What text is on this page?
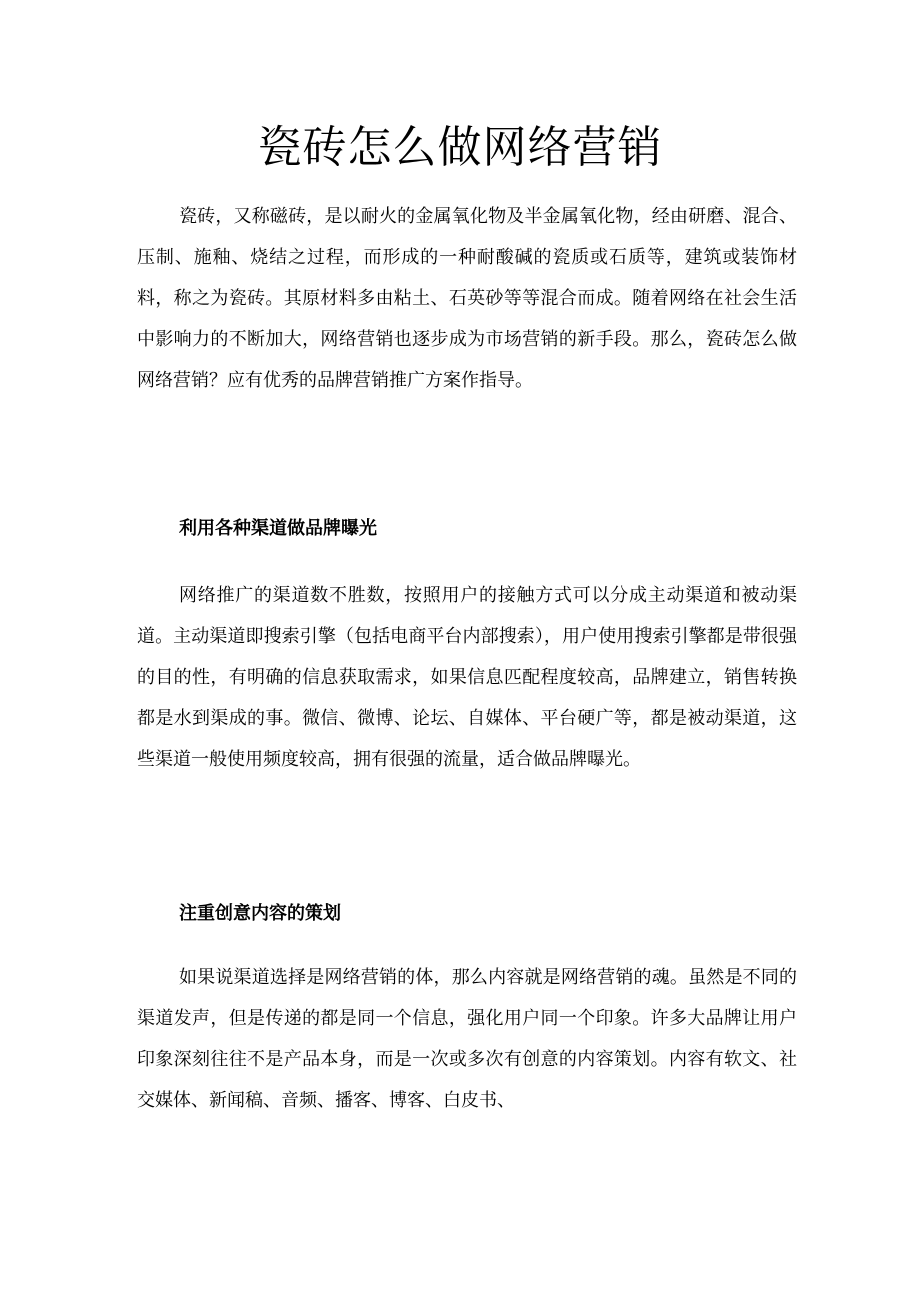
瓷砖怎么做网络营销

瓷砖，又称磁砖，是以耐火的金属氧化物及半金属氧化物，经由研磨、混合、压制、施釉、烧结之过程，而形成的一种耐酸碱的瓷质或石质等，建筑或装饰材料，称之为瓷砖。其原材料多由粘土、石英砂等等混合而成。随着网络在社会生活中影响力的不断加大，网络营销也逐步成为市场营销的新手段。那么，瓷砖怎么做网络营销？应有优秀的品牌营销推广方案作指导。

利用各种渠道做品牌曝光

网络推广的渠道数不胜数，按照用户的接触方式可以分成主动渠道和被动渠道。主动渠道即搜索引擎（包括电商平台内部搜索），用户使用搜索引擎都是带很强的目的性，有明确的信息获取需求，如果信息匹配程度较高，品牌建立，销售转换都是水到渠成的事。微信、微博、论坛、自媒体、平台硬广等，都是被动渠道，这些渠道一般使用频度较高，拥有很强的流量，适合做品牌曝光。

注重创意内容的策划

如果说渠道选择是网络营销的体，那么内容就是网络营销的魂。虽然是不同的渠道发声，但是传递的都是同一个信息，强化用户同一个印象。许多大品牌让用户印象深刻往往不是产品本身，而是一次或多次有创意的内容策划。内容有软文、社交媒体、新闻稿、音频、播客、博客、白皮书、
